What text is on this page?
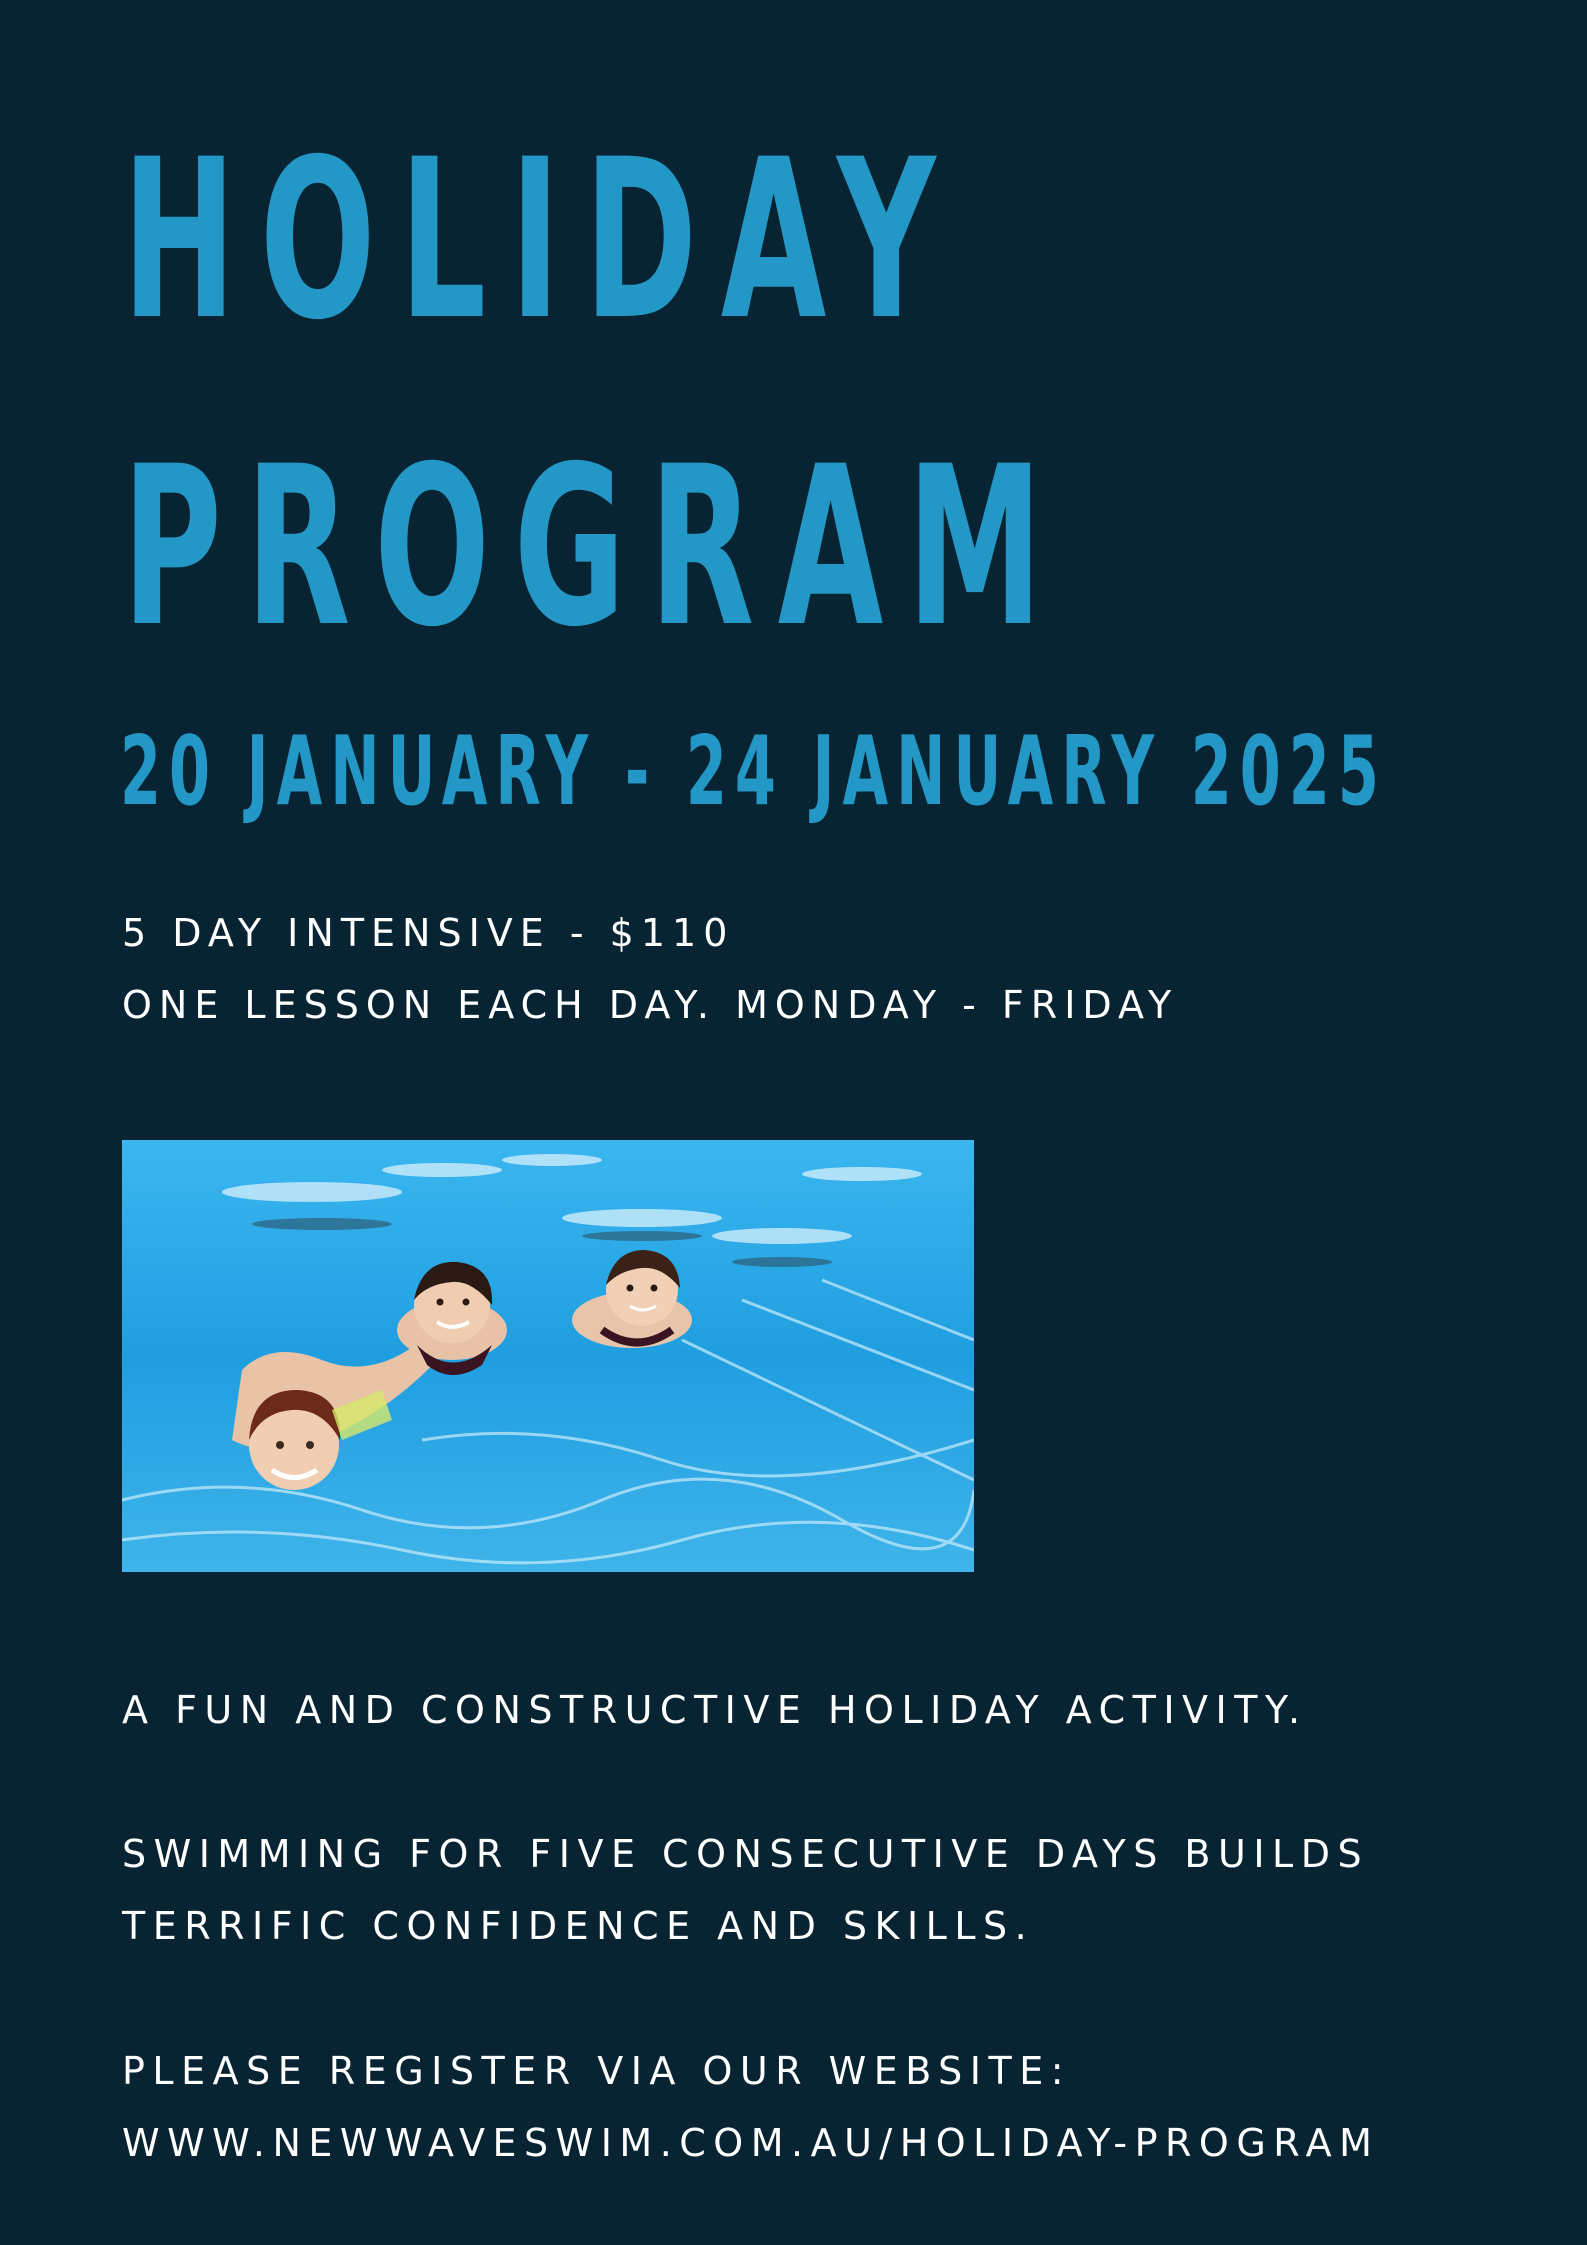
HOLIDAY
PROGRAM
20 JANUARY - 24 JANUARY 2025
5 DAY INTENSIVE - $110
ONE LESSON EACH DAY. MONDAY - FRIDAY
A FUN AND CONSTRUCTIVE HOLIDAY ACTIVITY.
SWIMMING FOR FIVE CONSECUTIVE DAYS BUILDS
TERRIFIC CONFIDENCE AND SKILLS.
PLEASE REGISTER VIA OUR WEBSITE:
WWW.NEWWAVESWIM.COM.AU/HOLIDAY-PROGRAM
